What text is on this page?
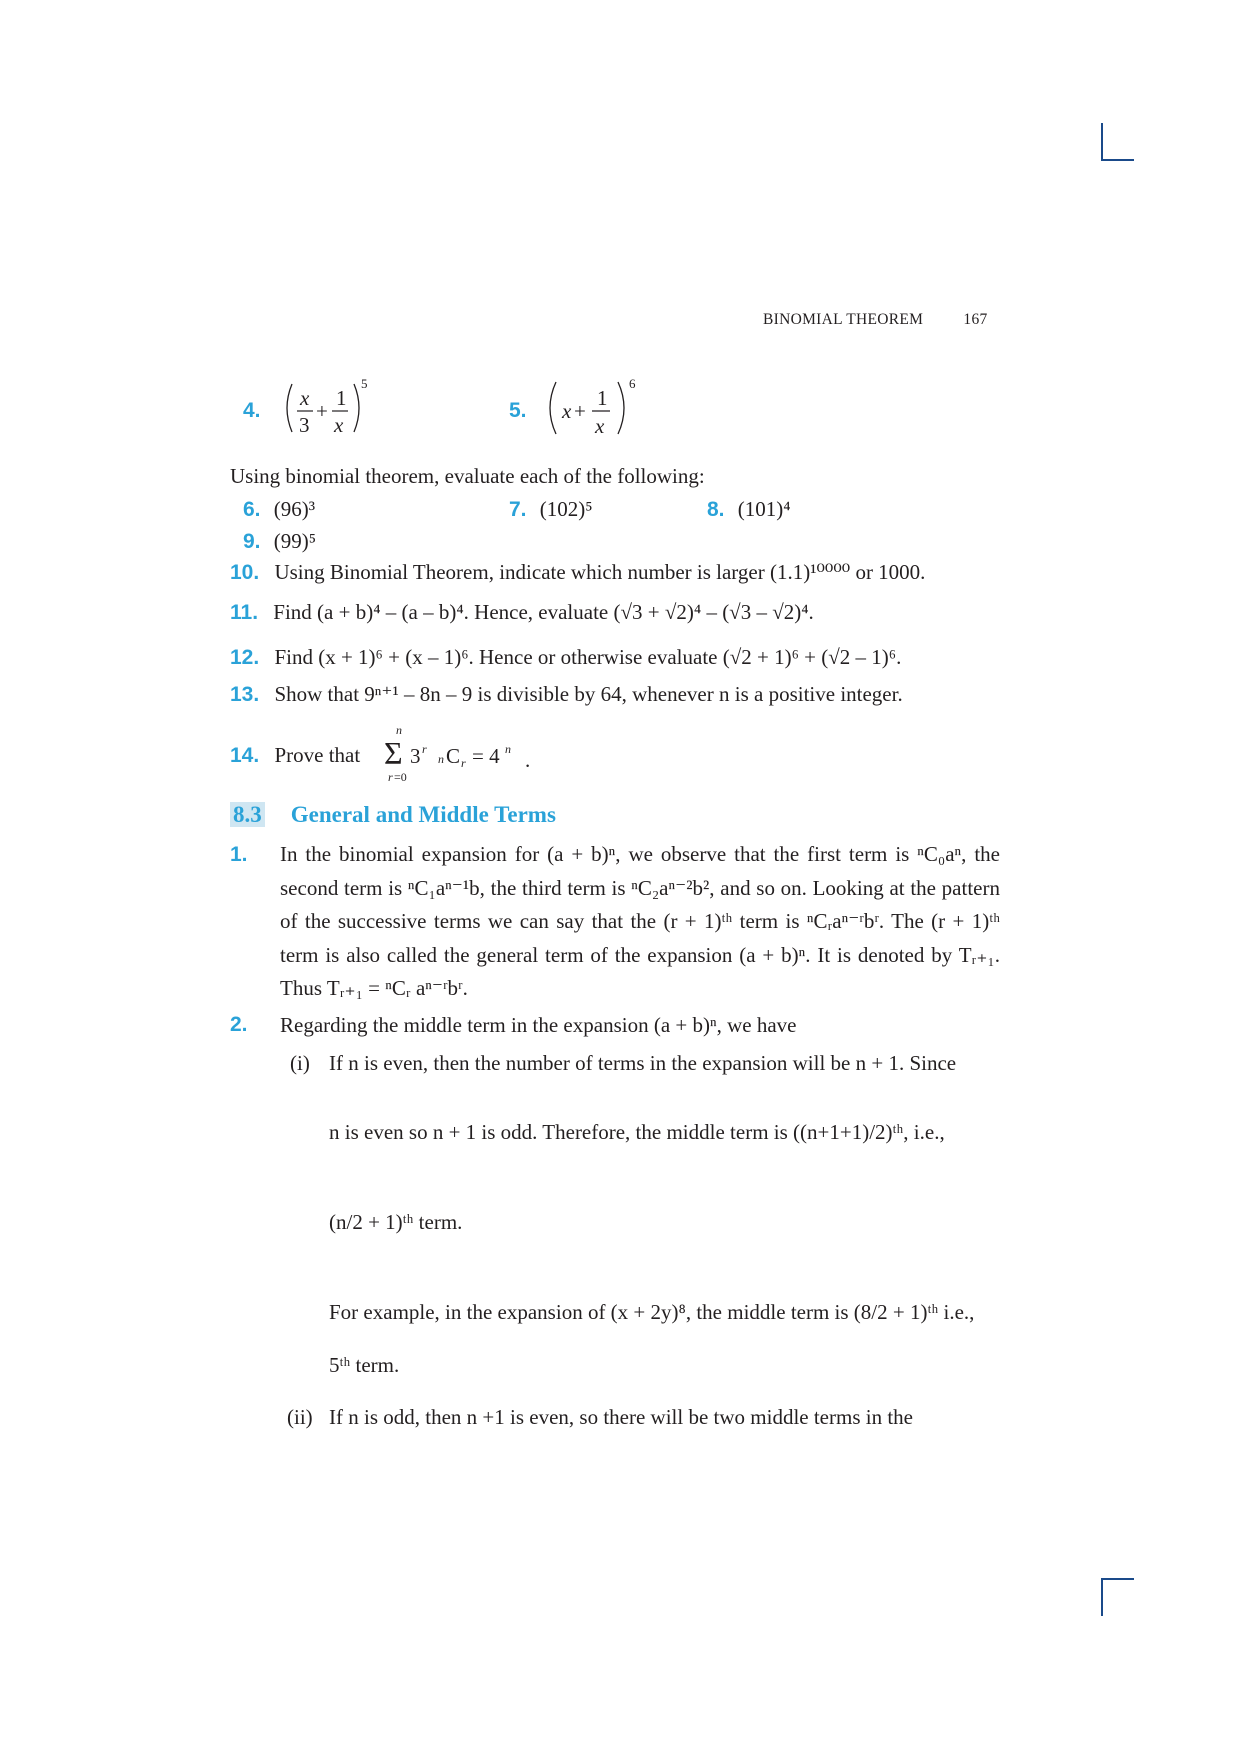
BINOMIAL THEOREM	167
4.
x
3
+
1
x
5
5. x +
1
x
6
Using binomial theorem, evaluate each of the following:
6. (96)³	7. (102)⁵	8. (101)⁴
9. (99)⁵
10. Using Binomial Theorem, indicate which number is larger (1.1)¹⁰⁰⁰⁰ or 1000.
11. Find (a + b)⁴ – (a – b)⁴. Hence, evaluate (√3 + √2)⁴ – (√3 – √2)⁴.
12. Find (x + 1)⁶ + (x – 1)⁶. Hence or otherwise evaluate (√2 + 1)⁶ + (√2 – 1)⁶.
13. Show that 9ⁿ⁺¹ – 8n – 9 is divisible by 64, whenever n is a positive integer.
14. Prove that
n
Σ 3 r
n C r = 4 n .
r =0
8.3 General and Middle Terms
1. In the binomial expansion for (a + b)ⁿ, we observe that the first term is ⁿC₀aⁿ, the second term is ⁿC₁aⁿ⁻¹b, the third term is ⁿC₂aⁿ⁻²b², and so on. Looking at the pattern of the successive terms we can say that the (r + 1)ᵗʰ term is ⁿCᵣaⁿ⁻ʳbʳ. The (r + 1)ᵗʰ term is also called the general term of the expansion (a + b)ⁿ. It is denoted by Tᵣ₊₁. Thus Tᵣ₊₁ = ⁿCᵣ aⁿ⁻ʳbʳ.
2. Regarding the middle term in the expansion (a + b)ⁿ, we have
(i) If n is even, then the number of terms in the expansion will be n + 1. Since
n is even so n + 1 is odd. Therefore, the middle term is ((n+1+1)/2)ᵗʰ, i.e.,
(n/2 + 1)ᵗʰ term.
For example, in the expansion of (x + 2y)⁸, the middle term is (8/2 + 1)ᵗʰ i.e.,
5ᵗʰ term.
(ii) If n is odd, then n +1 is even, so there will be two middle terms in the
